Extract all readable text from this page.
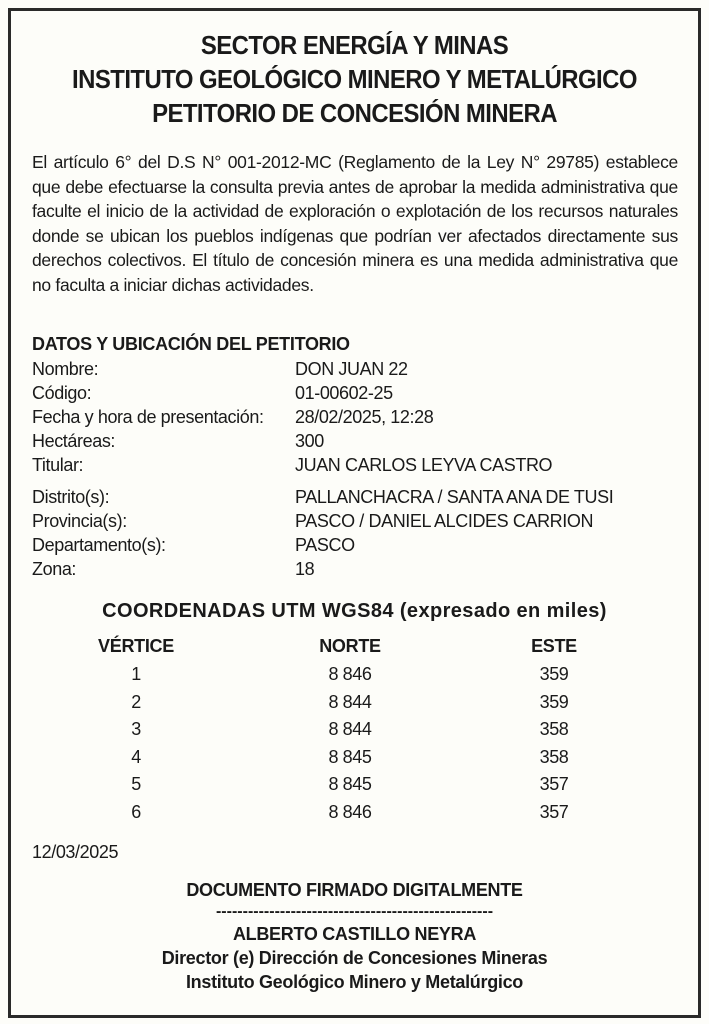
SECTOR ENERGÍA Y MINAS

INSTITUTO GEOLÓGICO MINERO Y METALÚRGICO

PETITORIO DE CONCESIÓN MINERA

El artículo 6° del D.S N° 001-2012-MC (Reglamento de la Ley N° 29785) establece que debe efectuarse la consulta previa antes de aprobar la medida administrativa que faculte el inicio de la actividad de exploración o explotación de los recursos naturales donde se ubican los pueblos indígenas que podrían ver afectados directamente sus derechos colectivos. El título de concesión minera es una medida administrativa que no faculta a iniciar dichas actividades.
DATOS Y UBICACIÓN DEL PETITORIO
Nombre:	DON JUAN 22
Código:	01-00602-25
Fecha y hora de presentación:	28/02/2025, 12:28
Hectáreas:	300
Titular:	JUAN CARLOS LEYVA CASTRO
Distrito(s):	PALLANCHACRA / SANTA ANA DE TUSI
Provincia(s):	PASCO / DANIEL ALCIDES CARRION
Departamento(s):	PASCO
Zona:	18
COORDENADAS UTM WGS84 (expresado en miles)
VÉRTICE	NORTE	ESTE
1	8 846	359
2	8 844	359
3	8 844	358
4	8 845	358
5	8 845	357
6	8 846	357
12/03/2025
DOCUMENTO FIRMADO DIGITALMENTE
----------------------------------------------------
ALBERTO CASTILLO NEYRA
Director (e) Dirección de Concesiones Mineras
Instituto Geológico Minero y Metalúrgico
